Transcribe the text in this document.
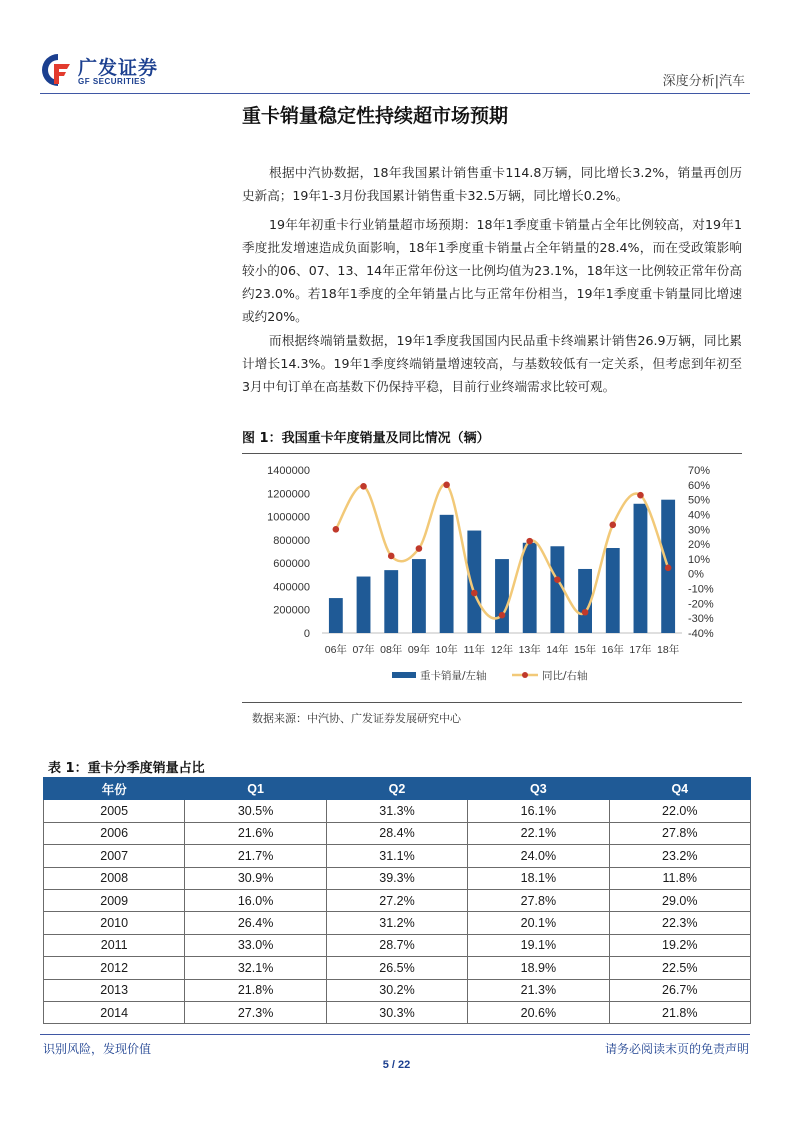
广发证券
GF SECURITIES	深度分析|汽车
重卡销量稳定性持续超市场预期

根据中汽协数据，18年我国累计销售重卡114.8万辆，同比增长3.2%，销量再创历史新高；19年1-3月份我国累计销售重卡32.5万辆，同比增长0.2%。

19年年初重卡行业销量超市场预期：18年1季度重卡销量占全年比例较高，对19年1季度批发增速造成负面影响，18年1季度重卡销量占全年销量的28.4%，而在受政策影响较小的06、07、13、14年正常年份这一比例均值为23.1%，18年这一比例较正常年份高约23.0%。若18年1季度的全年销量占比与正常年份相当，19年1季度重卡销量同比增速或约20%。

而根据终端销量数据，19年1季度我国国内民品重卡终端累计销售26.9万辆，同比累计增长14.3%。19年1季度终端销量增速较高，与基数较低有一定关系，但考虑到年初至3月中旬订单在高基数下仍保持平稳，目前行业终端需求比较可观。

图 1：我国重卡年度销量及同比情况（辆）
0
200000
400000
600000
800000
1000000
1200000
1400000
-40%
-30%
-20%
-10%
0%
10%
20%
30%
40%
50%
60%
70%
06年 07年 08年 09年 10年 11年 12年 13年 14年 15年 16年 17年 18年
重卡销量/左轴	同比/右轴
数据来源：中汽协、广发证券发展研究中心
表 1：重卡分季度销量占比
年份	Q1	Q2	Q3	Q4
2005	30.5%	31.3%	16.1%	22.0%
2006	21.6%	28.4%	22.1%	27.8%
2007	21.7%	31.1%	24.0%	23.2%
2008	30.9%	39.3%	18.1%	11.8%
2009	16.0%	27.2%	27.8%	29.0%
2010	26.4%	31.2%	20.1%	22.3%
2011	33.0%	28.7%	19.1%	19.2%
2012	32.1%	26.5%	18.9%	22.5%
2013	21.8%	30.2%	21.3%	26.7%
2014	27.3%	30.3%	20.6%	21.8%
识别风险，发现价值	请务必阅读末页的免责声明
5 / 22
